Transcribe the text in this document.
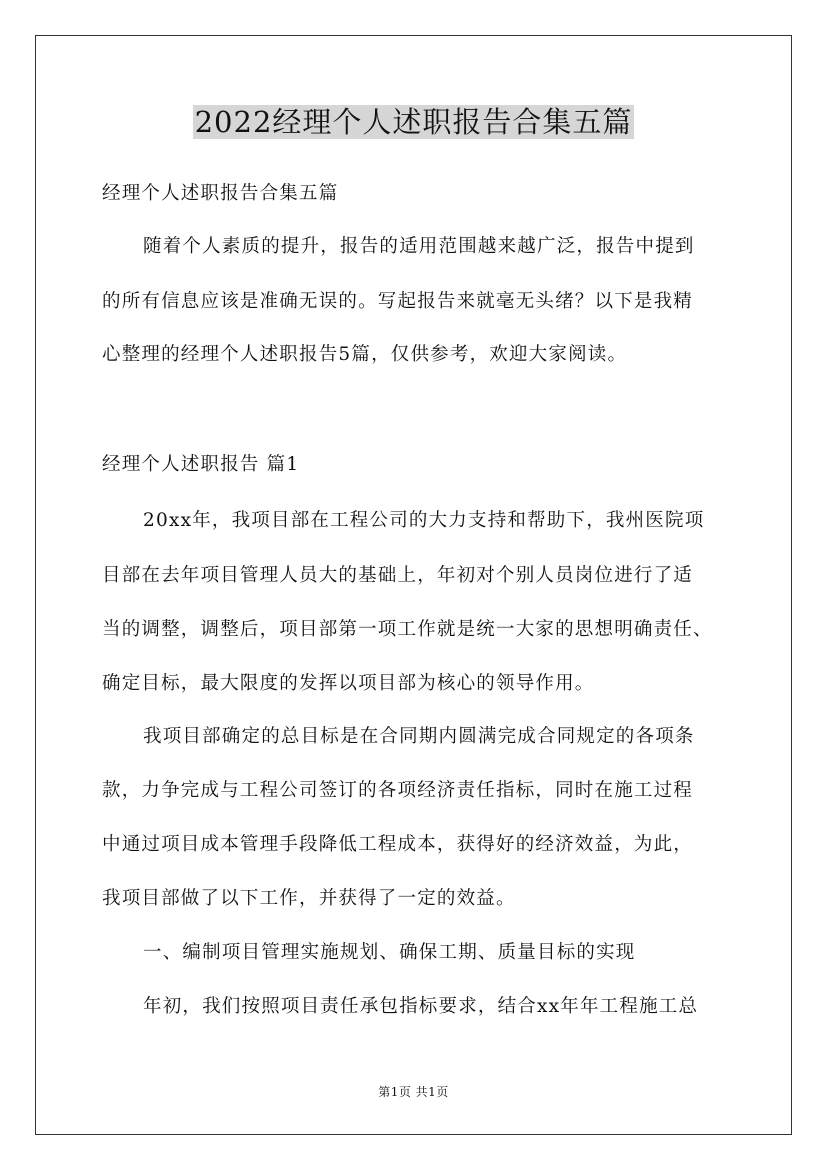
2022经理个人述职报告合集五篇
经理个人述职报告合集五篇
随着个人素质的提升，报告的适用范围越来越广泛，报告中提到
的所有信息应该是准确无误的。写起报告来就毫无头绪？以下是我精
心整理的经理个人述职报告5篇，仅供参考，欢迎大家阅读。
经理个人述职报告 篇1
20xx年，我项目部在工程公司的大力支持和帮助下，我州医院项
目部在去年项目管理人员大的基础上，年初对个别人员岗位进行了适
当的调整，调整后，项目部第一项工作就是统一大家的思想明确责任、
确定目标，最大限度的发挥以项目部为核心的领导作用。
我项目部确定的总目标是在合同期内圆满完成合同规定的各项条
款，力争完成与工程公司签订的各项经济责任指标，同时在施工过程
中通过项目成本管理手段降低工程成本，获得好的经济效益，为此，
我项目部做了以下工作，并获得了一定的效益。
一、编制项目管理实施规划、确保工期、质量目标的实现
年初，我们按照项目责任承包指标要求，结合xx年年工程施工总
第1页 共1页
